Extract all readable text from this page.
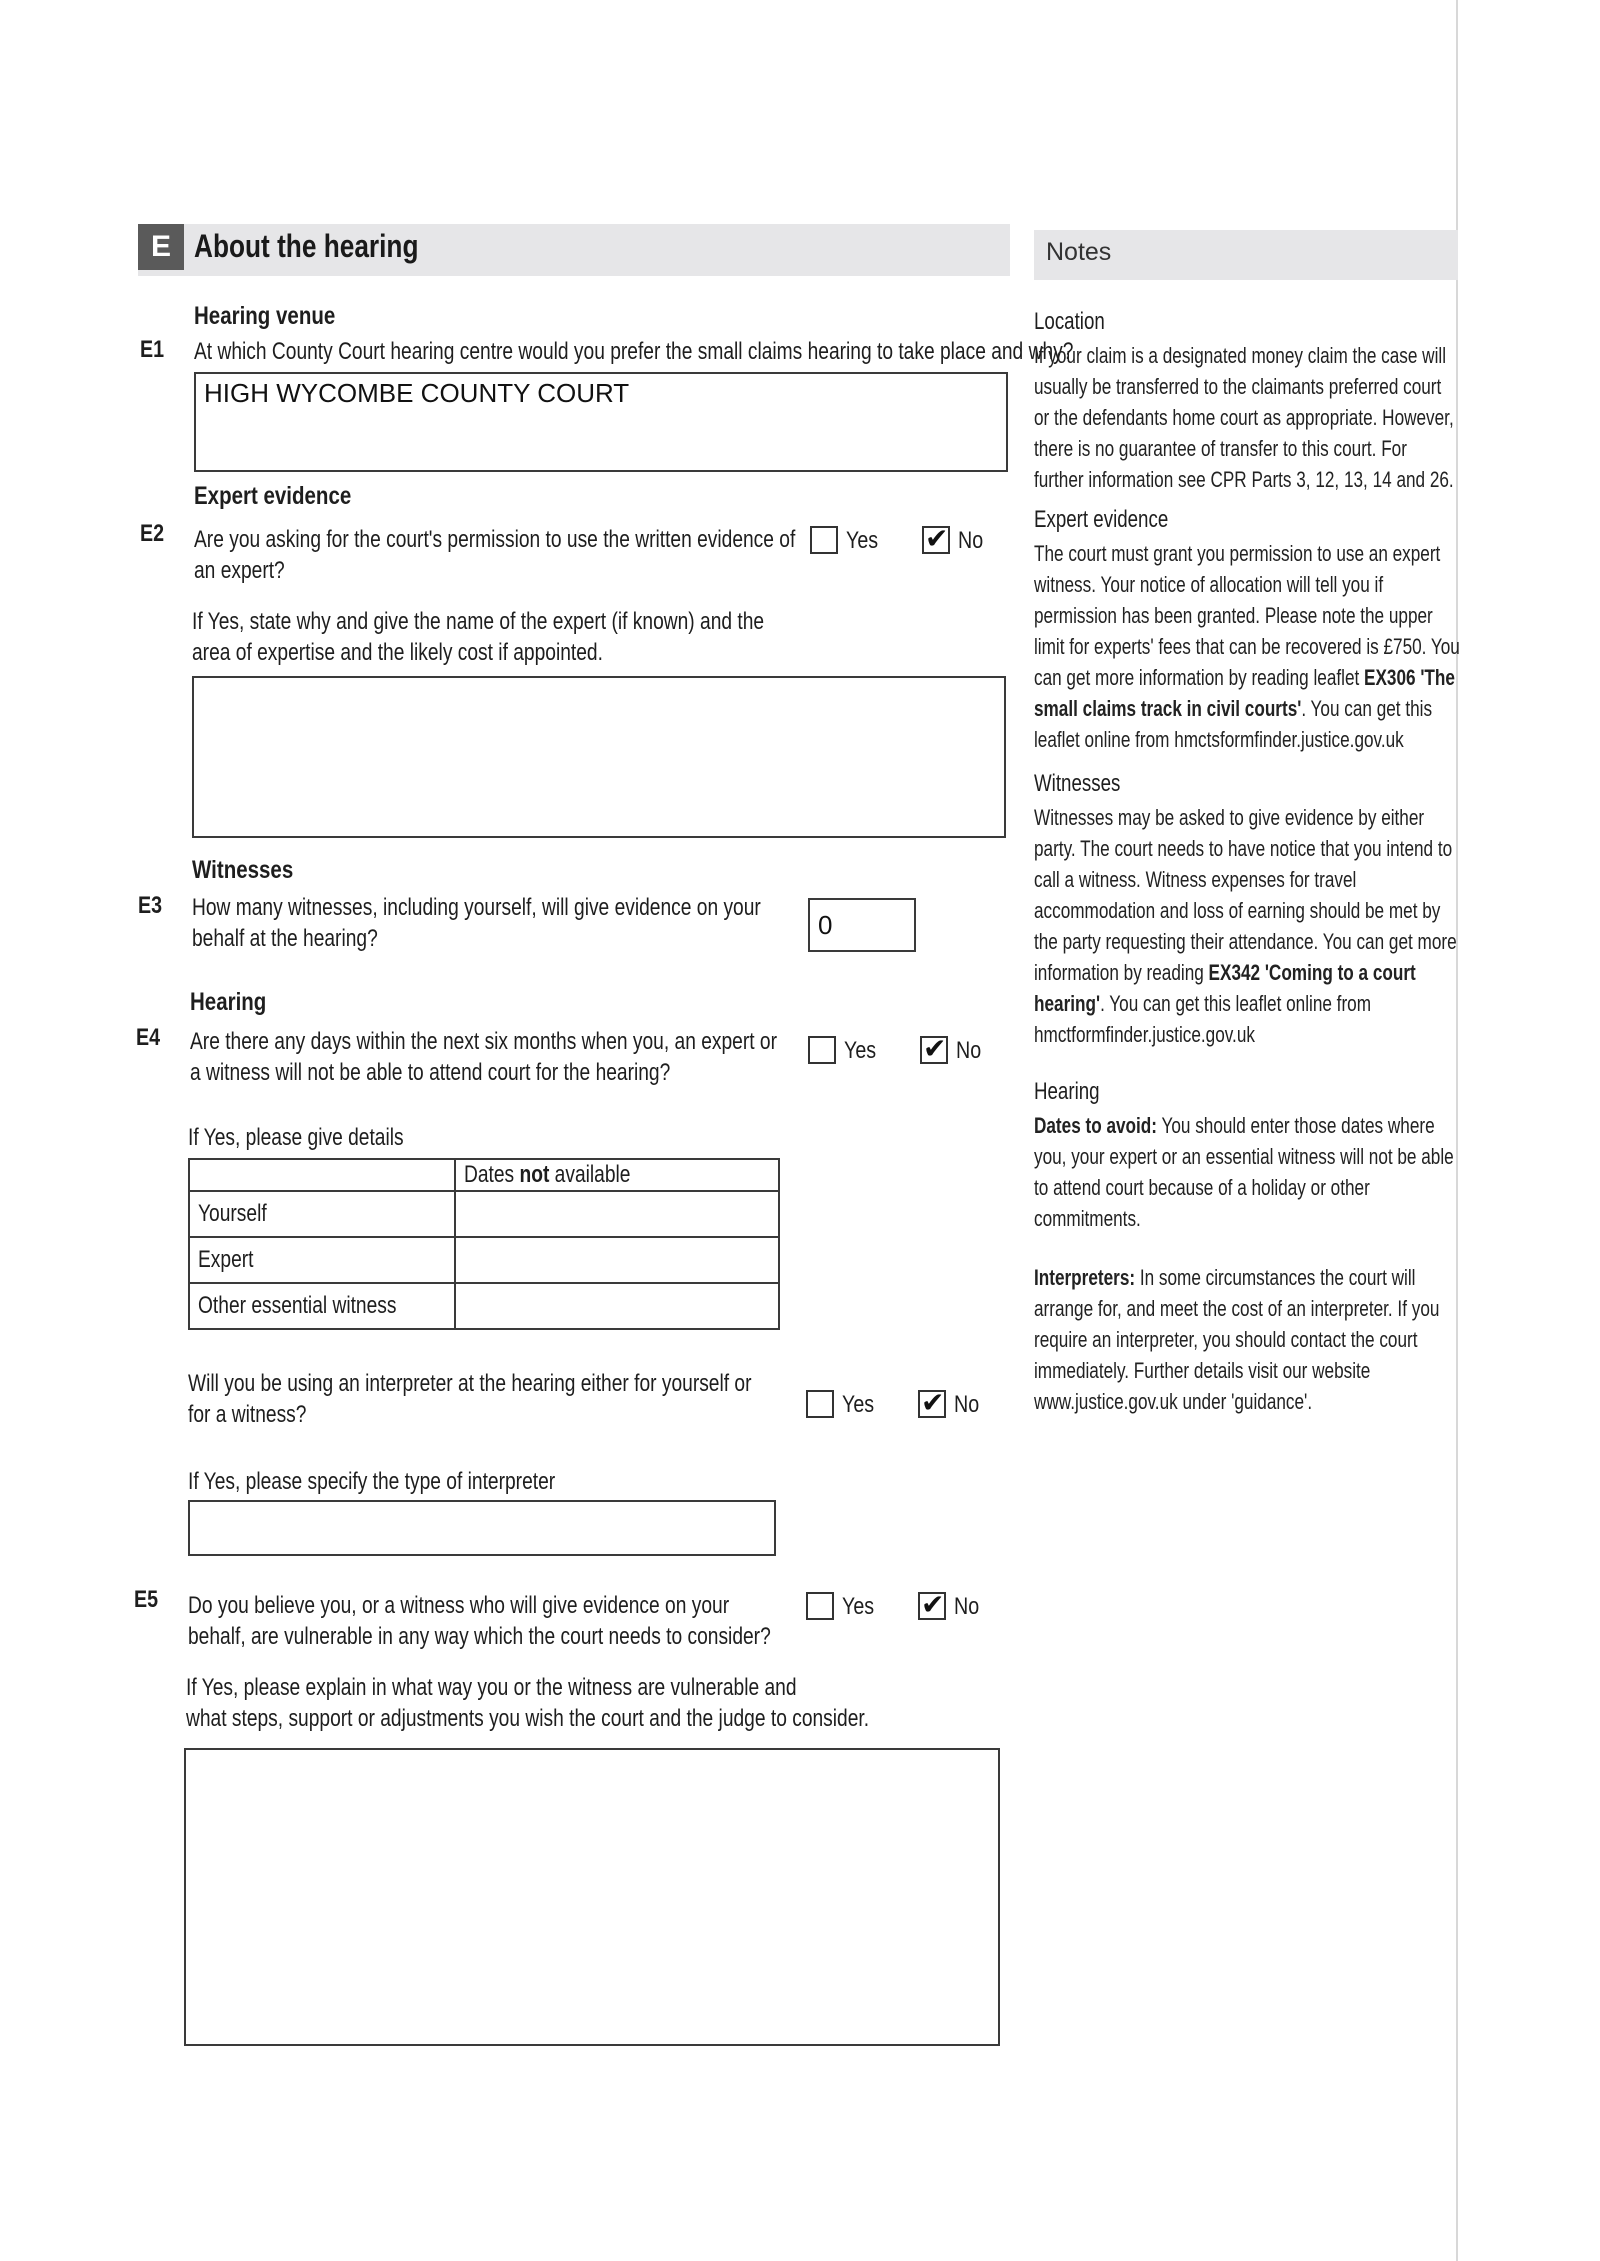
E About the hearing	Notes
Hearing venue
E1 At which County Court hearing centre would you prefer the small claims hearing to take place and why?
HIGH WYCOMBE COUNTY COURT
Expert evidence
E2 Are you asking for the court's permission to use the written evidence of
an expert?
Yes ✔ No
If Yes, state why and give the name of the expert (if known) and the
area of expertise and the likely cost if appointed.
Witnesses
E3 How many witnesses, including yourself, will give evidence on your
behalf at the hearing?	0
Hearing
E4 Are there any days within the next six months when you, an expert or
a witness will not be able to attend court for the hearing?
Yes ✔ No
If Yes, please give details
	Dates not available
Yourself	
Expert	
Other essential witness	
Will you be using an interpreter at the hearing either for yourself or
for a witness?	Yes ✔ No
If Yes, please specify the type of interpreter
E5 Do you believe you, or a witness who will give evidence on your
behalf, are vulnerable in any way which the court needs to consider?
Yes ✔ No
If Yes, please explain in what way you or the witness are vulnerable and
what steps, support or adjustments you wish the court and the judge to consider.
Location
If your claim is a designated money claim the case will usually be transferred to the claimants preferred court or the defendants home court as appropriate. However, there is no guarantee of transfer to this court. For further information see CPR Parts 3, 12, 13, 14 and 26.
Expert evidence
The court must grant you permission to use an expert witness. Your notice of allocation will tell you if permission has been granted. Please note the upper limit for experts' fees that can be recovered is £750. You can get more information by reading leaflet EX306 'The small claims track in civil courts'. You can get this leaflet online from hmctsformfinder.justice.gov.uk
Witnesses
Witnesses may be asked to give evidence by either party. The court needs to have notice that you intend to call a witness. Witness expenses for travel accommodation and loss of earning should be met by the party requesting their attendance. You can get more information by reading EX342 'Coming to a court hearing'. You can get this leaflet online from hmctformfinder.justice.gov.uk
Hearing
Dates to avoid: You should enter those dates where you, your expert or an essential witness will not be able to attend court because of a holiday or other commitments.
Interpreters: In some circumstances the court will arrange for, and meet the cost of an interpreter. If you require an interpreter, you should contact the court immediately. Further details visit our website www.justice.gov.uk under 'guidance'.
